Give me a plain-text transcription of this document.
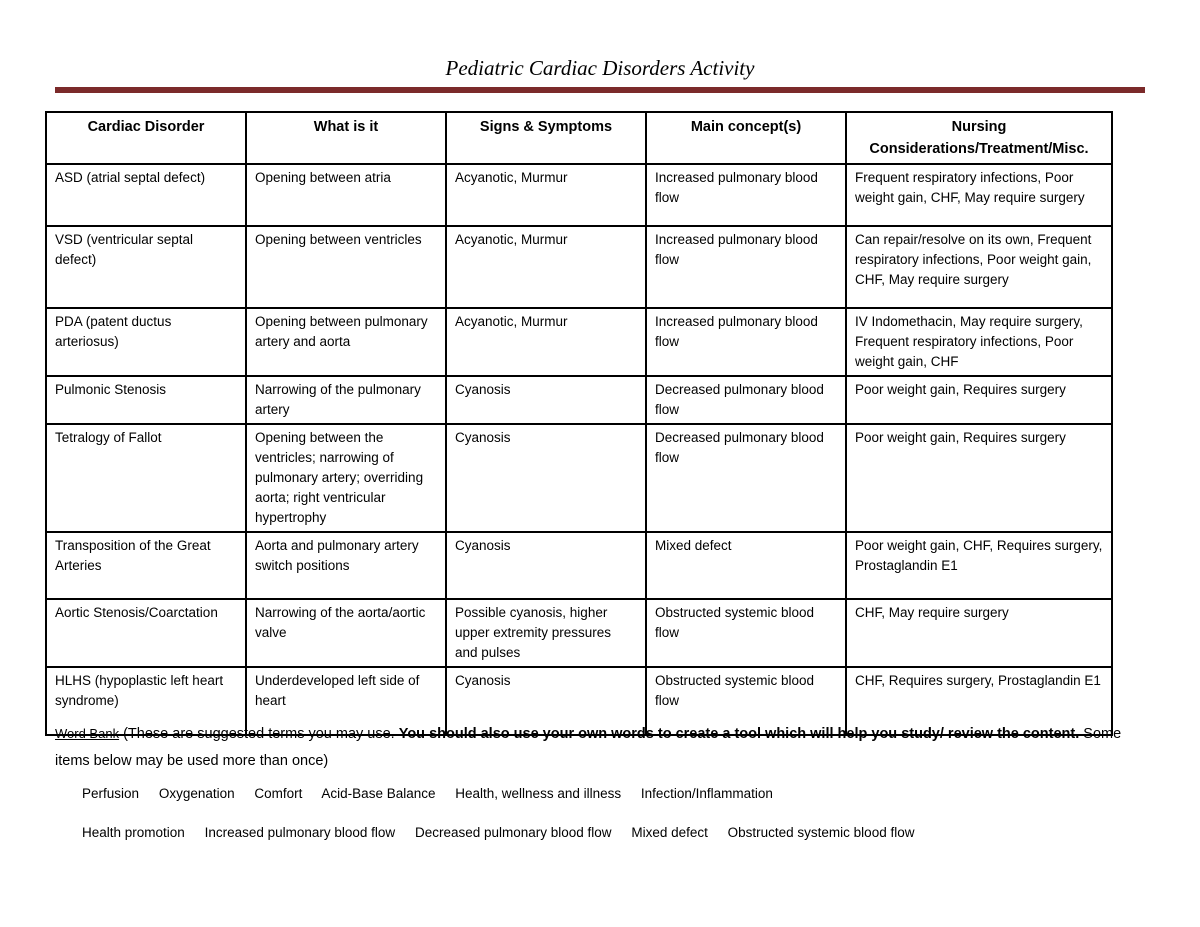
Pediatric Cardiac Disorders Activity
Cardiac Disorder	What is it	Signs & Symptoms	Main concept(s)	Nursing Considerations/Treatment/Misc.
ASD (atrial septal defect)	Opening between atria	Acyanotic, Murmur	Increased pulmonary blood flow	Frequent respiratory infections, Poor weight gain, CHF, May require surgery
VSD (ventricular septal defect)	Opening between ventricles	Acyanotic, Murmur	Increased pulmonary blood flow	Can repair/resolve on its own, Frequent respiratory infections, Poor weight gain, CHF, May require surgery
PDA (patent ductus arteriosus)	Opening between pulmonary artery and aorta	Acyanotic, Murmur	Increased pulmonary blood flow	IV Indomethacin, May require surgery, Frequent respiratory infections, Poor weight gain, CHF
Pulmonic Stenosis	Narrowing of the pulmonary artery	Cyanosis	Decreased pulmonary blood flow	Poor weight gain, Requires surgery
Tetralogy of Fallot	Opening between the ventricles; narrowing of pulmonary artery; overriding aorta; right ventricular hypertrophy	Cyanosis	Decreased pulmonary blood flow	Poor weight gain, Requires surgery
Transposition of the Great Arteries	Aorta and pulmonary artery switch positions	Cyanosis	Mixed defect	Poor weight gain, CHF, Requires surgery, Prostaglandin E1
Aortic Stenosis/Coarctation	Narrowing of the aorta/aortic valve	Possible cyanosis, higher upper extremity pressures and pulses	Obstructed systemic blood flow	CHF, May require surgery
HLHS (hypoplastic left heart syndrome)	Underdeveloped left side of heart	Cyanosis	Obstructed systemic blood flow	CHF, Requires surgery, Prostaglandin E1
Word Bank (These are suggested terms you may use. You should also use your own words to create a tool which will help you study/ review the content. Some items below may be used more than once)
Perfusion Oxygenation Comfort Acid-Base Balance Health, wellness and illness Infection/Inflammation
Health promotion Increased pulmonary blood flow Decreased pulmonary blood flow Mixed defect Obstructed systemic blood flow
